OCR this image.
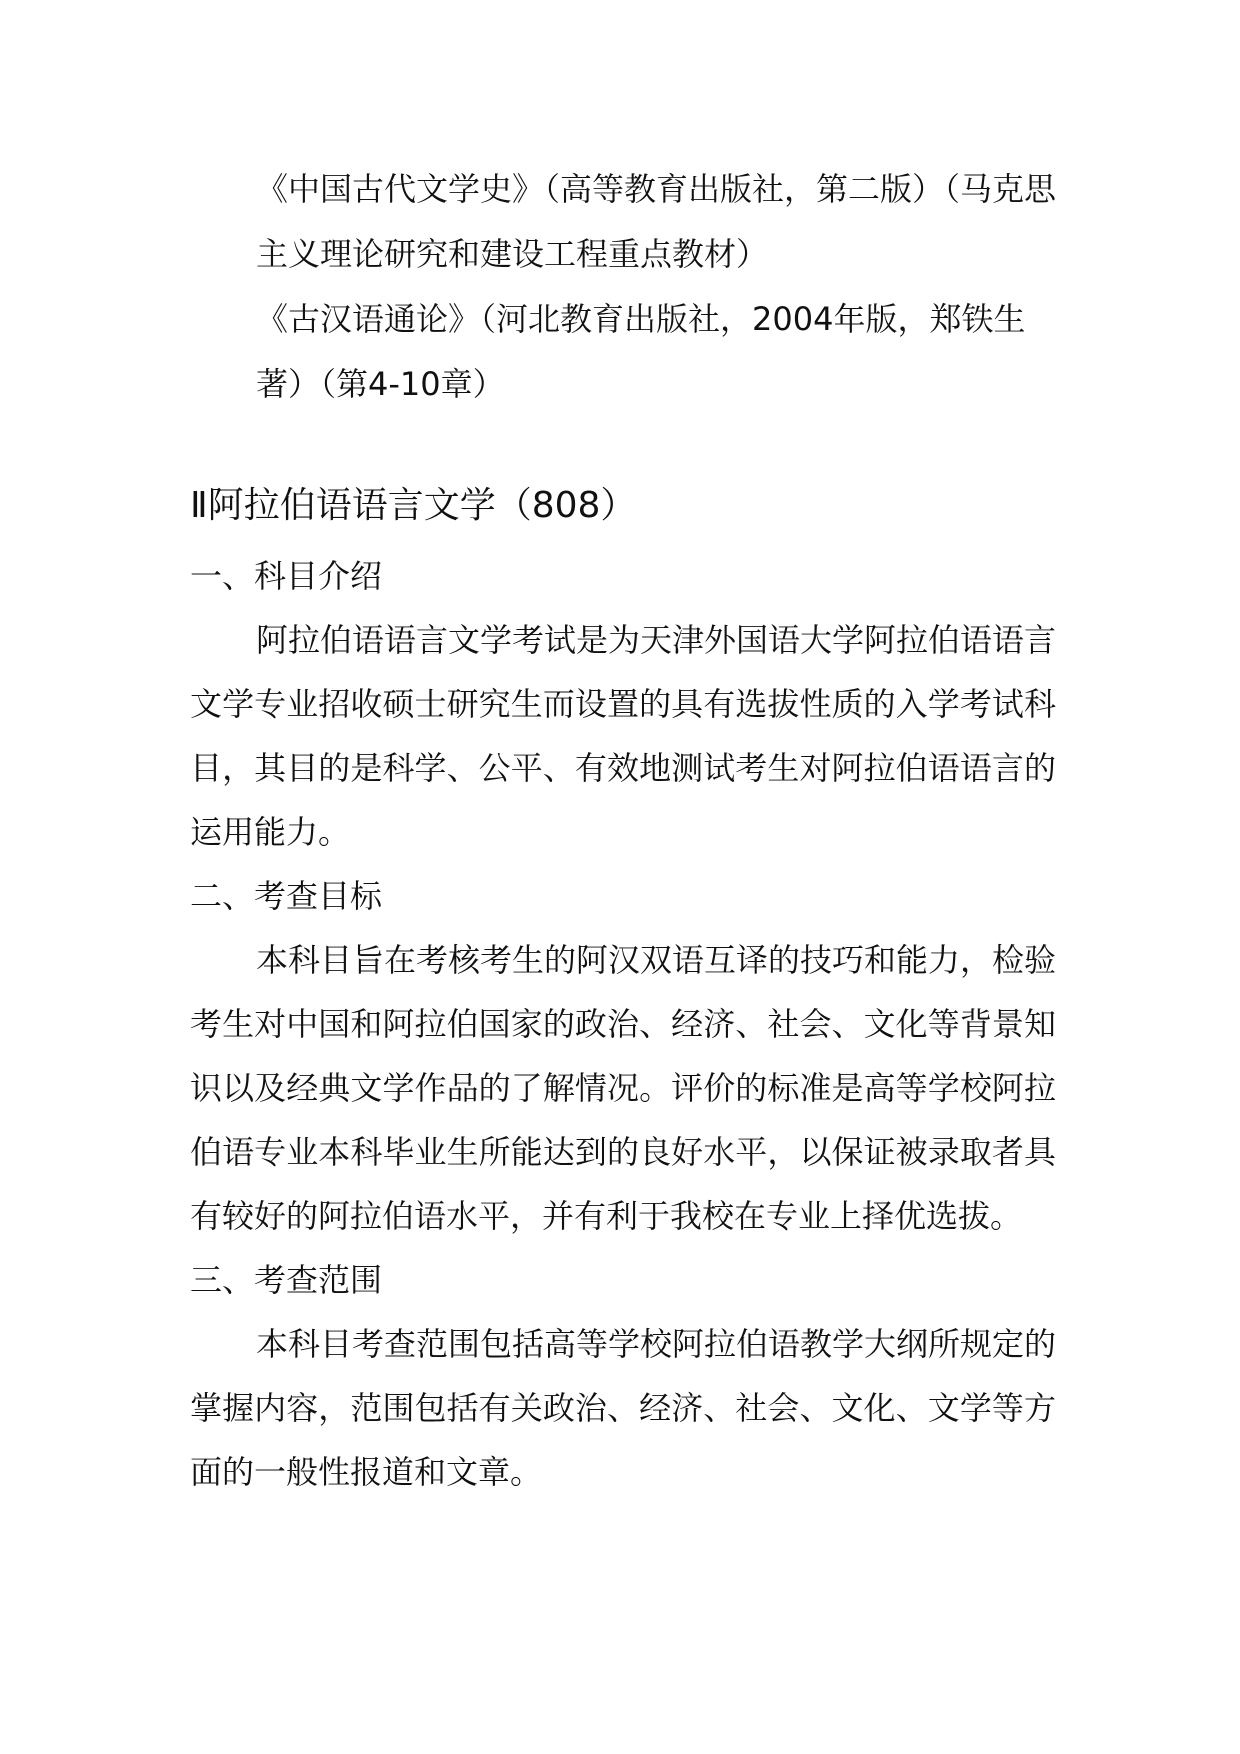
《中国古代文学史》（高等教育出版社，第二版）（马克思主义理论研究和建设工程重点教材）

《古汉语通论》（河北教育出版社，2004年版，郑铁生著）（第4-10章）

Ⅱ阿拉伯语语言文学（808）
一、科目介绍

阿拉伯语语言文学考试是为天津外国语大学阿拉伯语语言文学专业招收硕士研究生而设置的具有选拔性质的入学考试科目，其目的是科学、公平、有效地测试考生对阿拉伯语语言的运用能力。

二、考查目标

本科目旨在考核考生的阿汉双语互译的技巧和能力，检验考生对中国和阿拉伯国家的政治、经济、社会、文化等背景知识以及经典文学作品的了解情况。评价的标准是高等学校阿拉伯语专业本科毕业生所能达到的良好水平，以保证被录取者具有较好的阿拉伯语水平，并有利于我校在专业上择优选拔。

三、考查范围

本科目考查范围包括高等学校阿拉伯语教学大纲所规定的掌握内容，范围包括有关政治、经济、社会、文化、文学等方面的一般性报道和文章。
